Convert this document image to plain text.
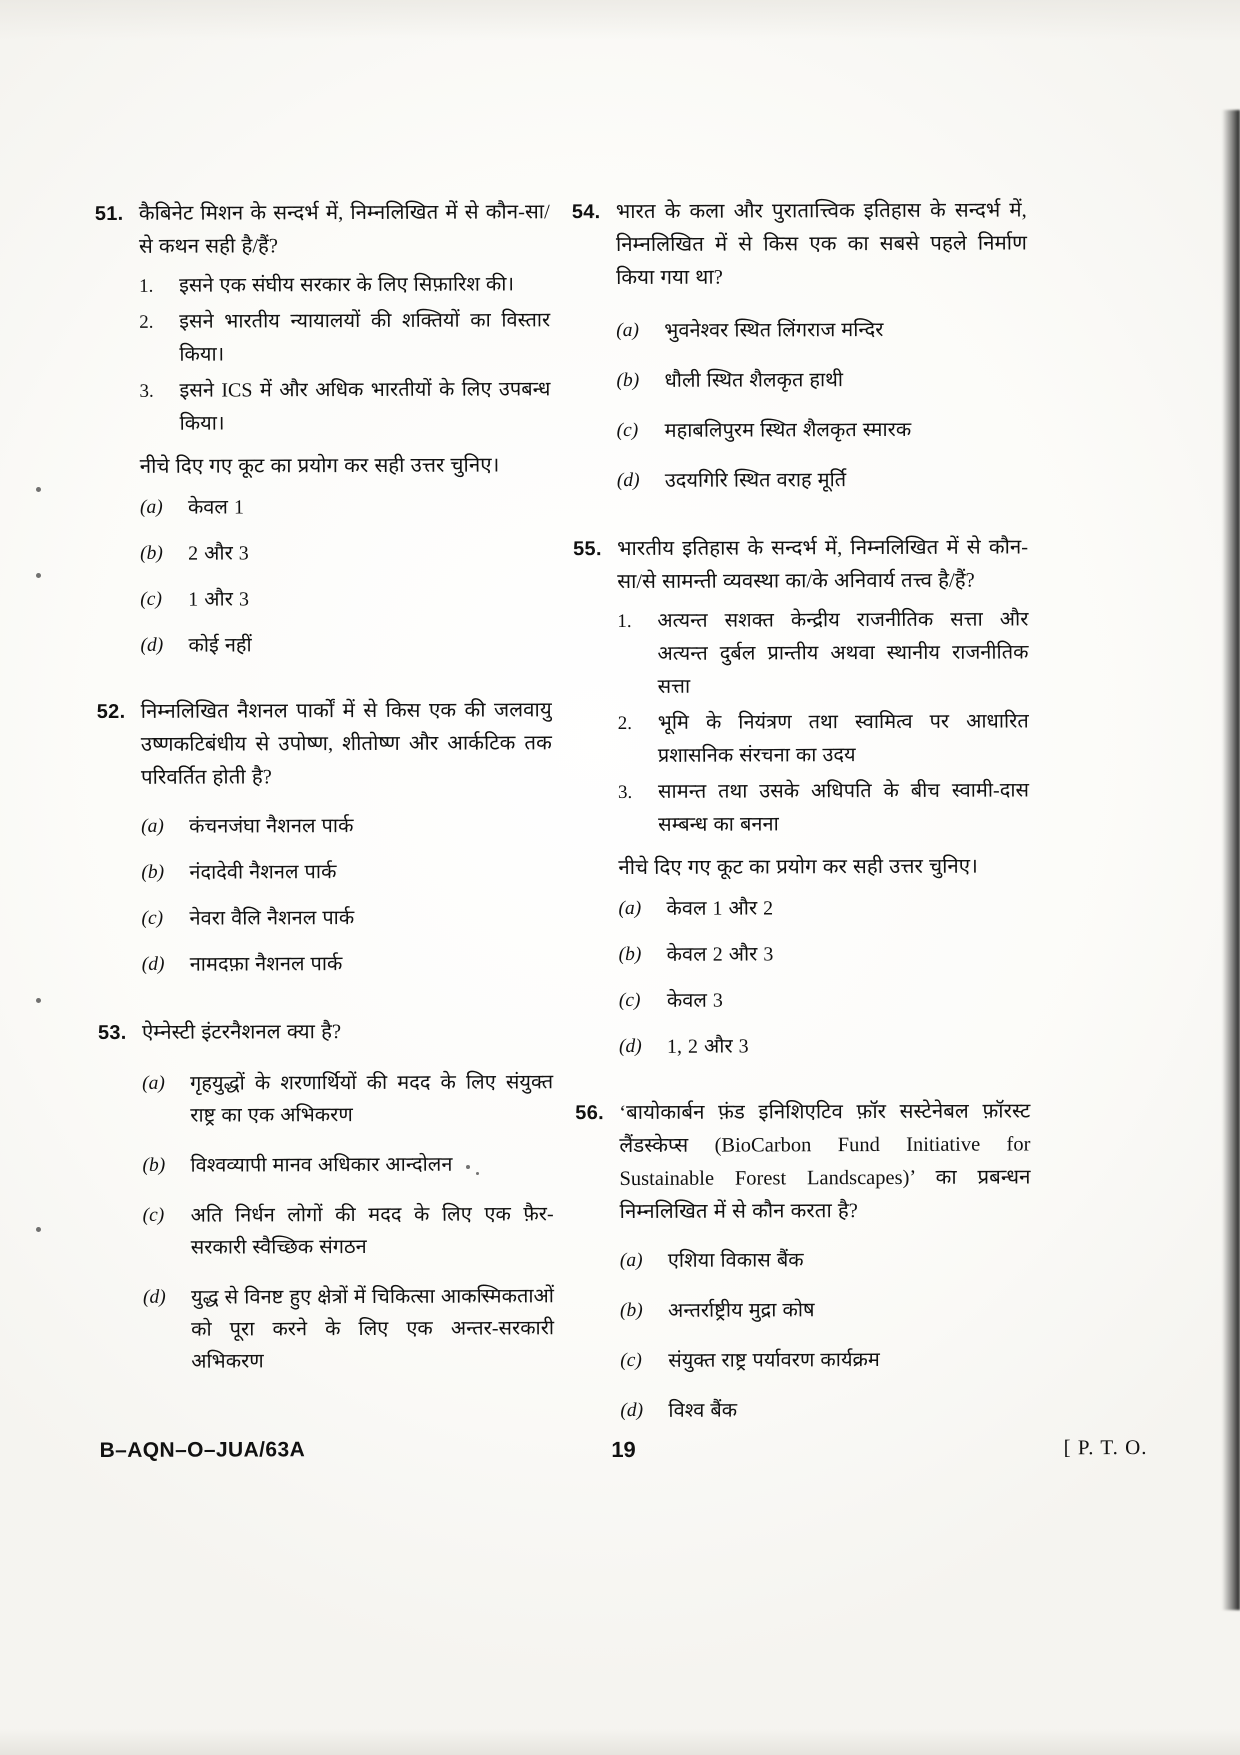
51. कैबिनेट मिशन के सन्दर्भ में, निम्नलिखित में से कौन-सा/से कथन सही है/हैं?
1.	इसने एक संघीय सरकार के लिए सिफ़ारिश की।
2.	इसने भारतीय न्यायालयों की शक्तियों का विस्तार किया।
3.	इसने ICS में और अधिक भारतीयों के लिए उपबन्ध किया।
नीचे दिए गए कूट का प्रयोग कर सही उत्तर चुनिए।
(a)	केवल 1
(b)	2 और 3
(c)	1 और 3
(d)	कोई नहीं
52. निम्नलिखित नैशनल पार्कों में से किस एक की जलवायु उष्णकटिबंधीय से उपोष्ण, शीतोष्ण और आर्कटिक तक परिवर्तित होती है?
(a)	कंचनजंघा नैशनल पार्क
(b)	नंदादेवी नैशनल पार्क
(c)	नेवरा वैलि नैशनल पार्क
(d)	नामदफ़ा नैशनल पार्क
53. ऐम्नेस्टी इंटरनैशनल क्या है?
(a)	गृहयुद्धों के शरणार्थियों की मदद के लिए संयुक्त राष्ट्र का एक अभिकरण
(b)	विश्वव्यापी मानव अधिकार आन्दोलन
(c)	अति निर्धन लोगों की मदद के लिए एक फ़ैर-सरकारी स्वैच्छिक संगठन
(d)	युद्ध से विनष्ट हुए क्षेत्रों में चिकित्सा आकस्मिकताओं को पूरा करने के लिए एक अन्तर-सरकारी अभिकरण
54. भारत के कला और पुरातात्त्विक इतिहास के सन्दर्भ में, निम्नलिखित में से किस एक का सबसे पहले निर्माण किया गया था?
(a)	भुवनेश्वर स्थित लिंगराज मन्दिर
(b)	धौली स्थित शैलकृत हाथी
(c)	महाबलिपुरम स्थित शैलकृत स्मारक
(d)	उदयगिरि स्थित वराह मूर्ति
55. भारतीय इतिहास के सन्दर्भ में, निम्नलिखित में से कौन-सा/से सामन्ती व्यवस्था का/के अनिवार्य तत्त्व है/हैं?
1.	अत्यन्त सशक्त केन्द्रीय राजनीतिक सत्ता और अत्यन्त दुर्बल प्रान्तीय अथवा स्थानीय राजनीतिक सत्ता
2.	भूमि के नियंत्रण तथा स्वामित्व पर आधारित प्रशासनिक संरचना का उदय
3.	सामन्त तथा उसके अधिपति के बीच स्वामी-दास सम्बन्ध का बनना
नीचे दिए गए कूट का प्रयोग कर सही उत्तर चुनिए।
(a)	केवल 1 और 2
(b)	केवल 2 और 3
(c)	केवल 3
(d)	1, 2 और 3
56. ‘बायोकार्बन फ़ंड इनिशिएटिव फ़ॉर सस्टेनेबल फ़ॉरस्ट लैंडस्केप्स (BioCarbon Fund Initiative for Sustainable Forest Landscapes)’ का प्रबन्धन निम्नलिखित में से कौन करता है?
(a)	एशिया विकास बैंक
(b)	अन्तर्राष्ट्रीय मुद्रा कोष
(c)	संयुक्त राष्ट्र पर्यावरण कार्यक्रम
(d)	विश्व बैंक
B–AQN–O–JUA/63A	19	[ P. T. O.
